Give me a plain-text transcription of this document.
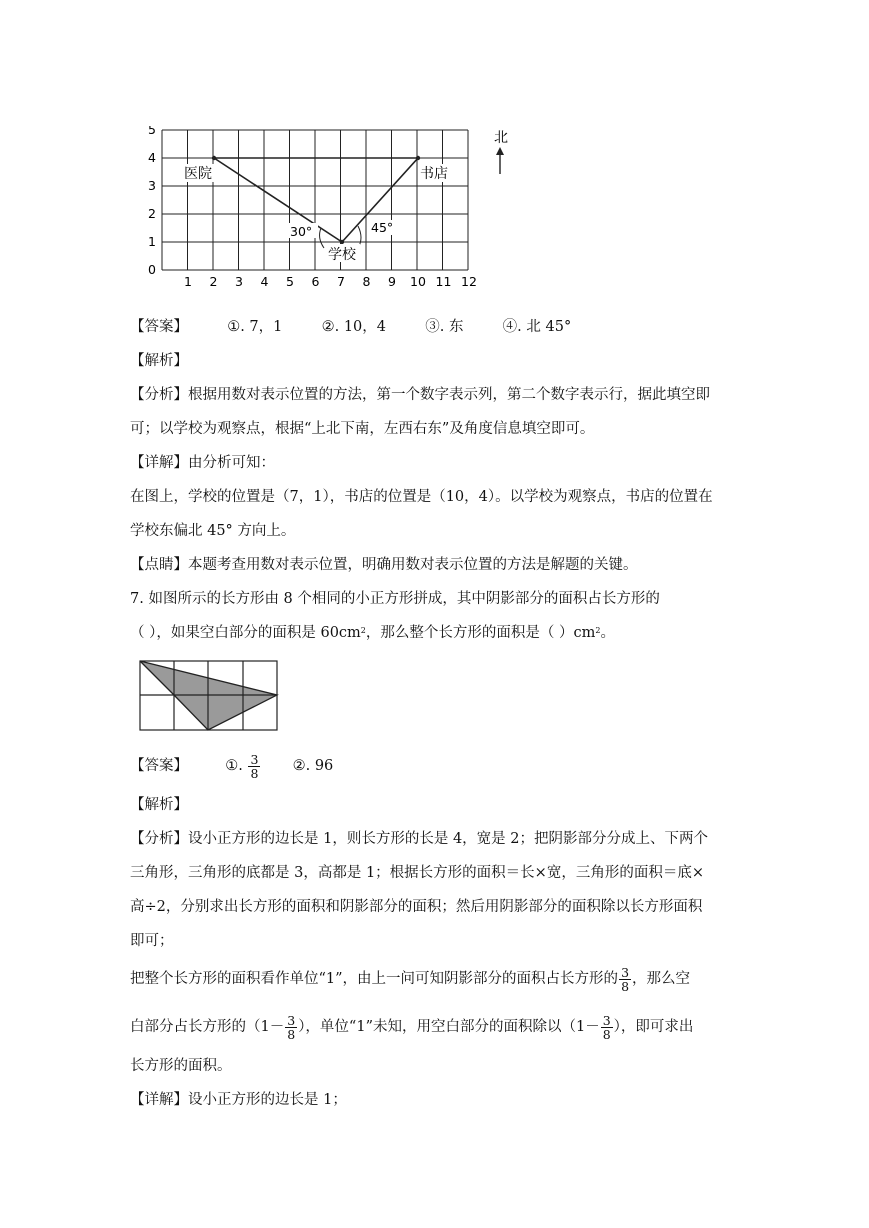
0
1
2
3
4
5
1 2 3 4 5 6 7 8 9 10 11 12
医院	书店
学校
30°	45°
北
【答案】	①. 7，1	②. 10，4	③. 东	④. 北 45°
【解析】
【分析】根据用数对表示位置的方法，第一个数字表示列，第二个数字表示行，据此填空即
可；以学校为观察点，根据“上北下南，左西右东”及角度信息填空即可。
【详解】由分析可知：
在图上，学校的位置是（7，1），书店的位置是（10，4）。以学校为观察点，书店的位置在
学校东偏北 45° 方向上。
【点睛】本题考查用数对表示位置，明确用数对表示位置的方法是解题的关键。
7. 如图所示的长方形由 8 个相同的小正方形拼成，其中阴影部分的面积占长方形的
（ ），如果空白部分的面积是 $60cm^2$，那么整个长方形的面积是（ ）$cm^2$。
【答案】	①. $\frac{3}{8}$ ②. 96
【解析】
【分析】设小正方形的边长是 1，则长方形的长是 4，宽是 2；把阴影部分分成上、下两个
三角形，三角形的底都是 3，高都是 1；根据长方形的面积＝长×宽，三角形的面积＝底×
高÷2，分别求出长方形的面积和阴影部分的面积；然后用阴影部分的面积除以长方形面积
即可；
把整个长方形的面积看作单位“1”，由上一问可知阴影部分的面积占长方形的 $\frac{3}{8}$ ，那么空
白部分占长方形的（$1- \frac{3}{8}$ ），单位“1”未知，用空白部分的面积除以（$1- \frac{3}{8}$ ），即可求出
长方形的面积。
【详解】设小正方形的边长是 1；
